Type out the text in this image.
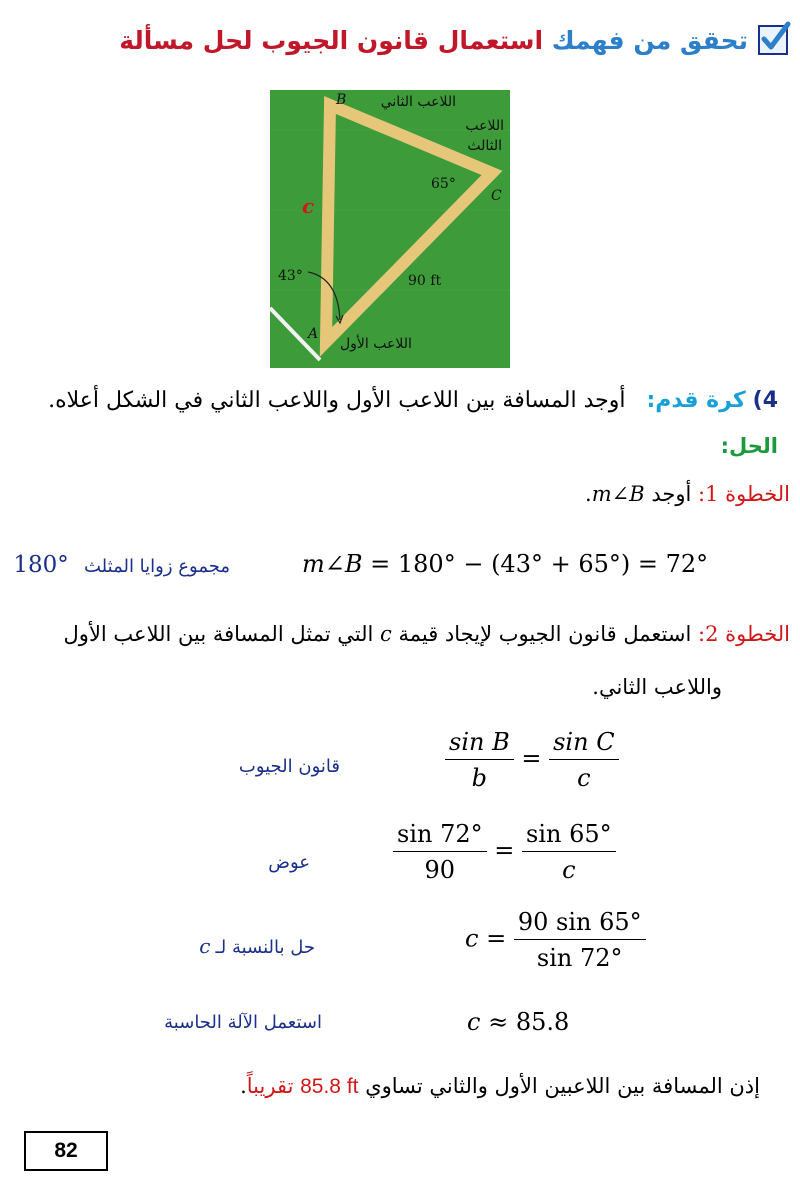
تحقق من فهمك استعمال قانون الجيوب لحل مسألة
اللاعب الثاني
B
اللاعب
الثالث
C
65°
c
43°	90 ft
A
اللاعب الأول
4) كرة قدم:   أوجد المسافة بين اللاعب الأول واللاعب الثاني في الشكل أعلاه.
الحل:
الخطوة 1: أوجد m∠B.
m∠B = 180° − (43° + 65°) = 72°
مجموع زوايا المثلث   180°
الخطوة 2: استعمل قانون الجيوب لإيجاد قيمة c التي تمثل المسافة بين اللاعب الأول
واللاعب الثاني.
$\frac{\text{sin B}}{b} = \frac{\text{sin C}}{c}$
قانون الجيوب
$\frac{\sin 72^\circ}{90} = \frac{\sin 65^\circ}{c}$
عوض
$c = \frac{90 \sin 65^\circ}{\sin 72^\circ}$
حل بالنسبة لـ c
c ≈ 85.8
استعمل الآلة الحاسبة
إذن المسافة بين اللاعبين الأول والثاني تساوي 85.8 ft تقريباً.
82
